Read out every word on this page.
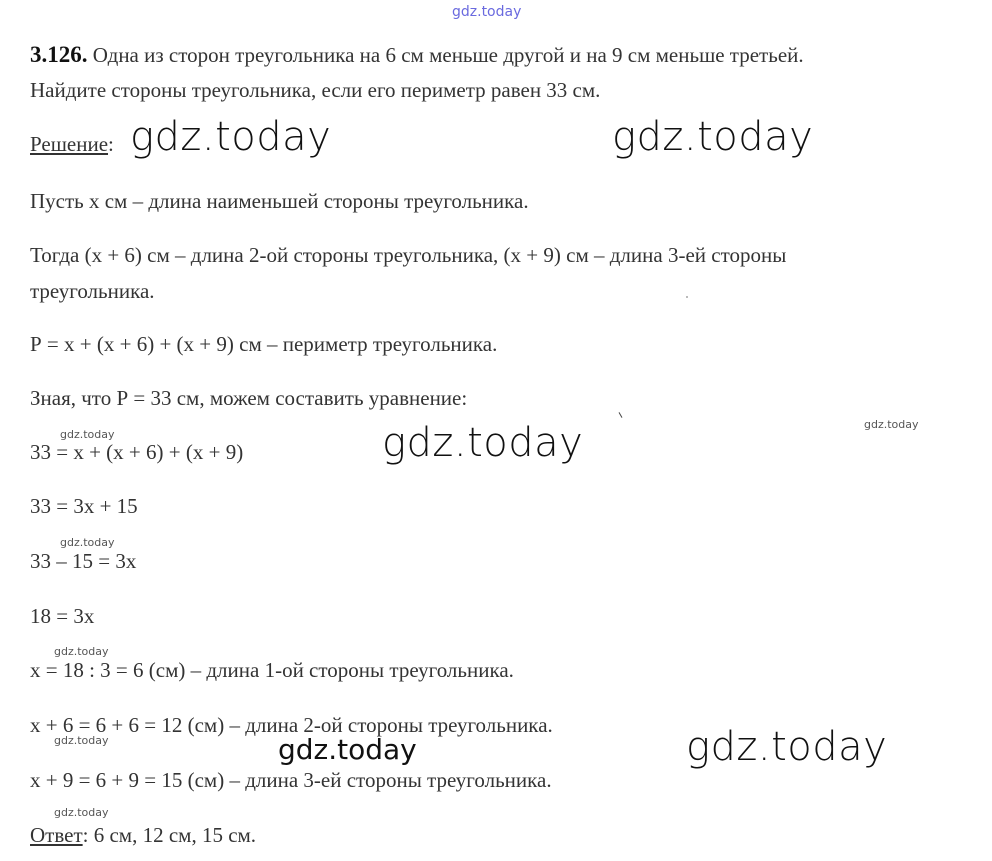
gdz.today
3.126. Одна из сторон треугольника на 6 см меньше другой и на 9 см меньше третьей.
Найдите стороны треугольника, если его периметр равен 33 см.
Решение: gdz.today	gdz.today
gdz.today
gdz.today
gdz.today
gdz.today
gdz.today
gdz.today
gdz.today
gdz.today
gdz.today
Пусть х см – длина наименьшей стороны треугольника.
Тогда (х + 6) см – длина 2-ой стороны треугольника, (х + 9) см – длина 3-ей стороны
треугольника.
Р = х + (х + 6) + (х + 9) см – периметр треугольника.
Зная, что Р = 33 см, можем составить уравнение:
33 = х + (х + 6) + (х + 9)
33 = 3х + 15
33 – 15 = 3х
18 = 3х
х = 18 : 3 = 6 (см) – длина 1-ой стороны треугольника.
х + 6 = 6 + 6 = 12 (см) – длина 2-ой стороны треугольника.
х + 9 = 6 + 9 = 15 (см) – длина 3-ей стороны треугольника.
Ответ: 6 см, 12 см, 15 см.
